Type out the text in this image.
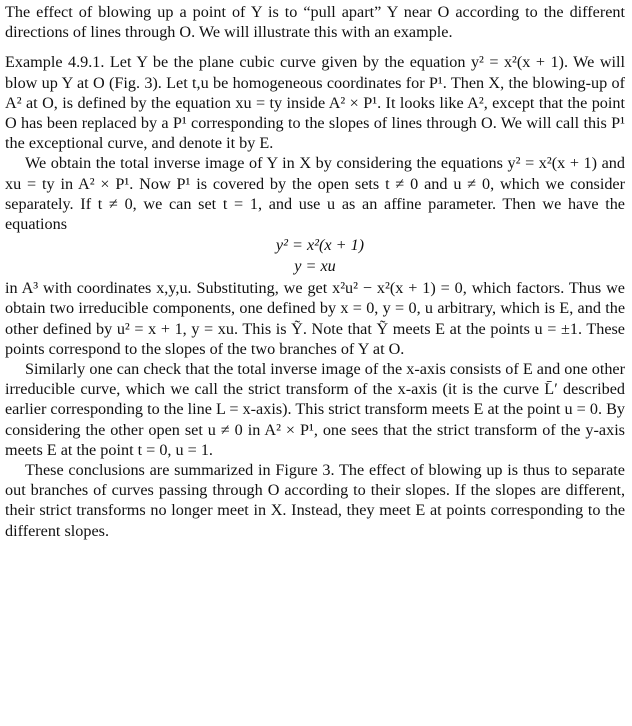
The effect of blowing up a point of Y is to “pull apart” Y near O according to the different directions of lines through O. We will illustrate this with an example.

Example 4.9.1. Let Y be the plane cubic curve given by the equation y² = x²(x + 1). We will blow up Y at O (Fig. 3). Let t,u be homogeneous coordinates for P¹. Then X, the blowing-up of A² at O, is defined by the equation xu = ty inside A² × P¹. It looks like A², except that the point O has been replaced by a P¹ corresponding to the slopes of lines through O. We will call this P¹ the exceptional curve, and denote it by E.

We obtain the total inverse image of Y in X by considering the equations y² = x²(x + 1) and xu = ty in A² × P¹. Now P¹ is covered by the open sets t ≠ 0 and u ≠ 0, which we consider separately. If t ≠ 0, we can set t = 1, and use u as an affine parameter. Then we have the equations

y² = x²(x + 1)
y = xu

in A³ with coordinates x,y,u. Substituting, we get x²u² − x²(x + 1) = 0, which factors. Thus we obtain two irreducible components, one defined by x = 0, y = 0, u arbitrary, which is E, and the other defined by u² = x + 1, y = xu. This is Ỹ. Note that Ỹ meets E at the points u = ±1. These points correspond to the slopes of the two branches of Y at O.

Similarly one can check that the total inverse image of the x-axis consists of E and one other irreducible curve, which we call the strict transform of the x-axis (it is the curve L̄′ described earlier corresponding to the line L = x-axis). This strict transform meets E at the point u = 0. By considering the other open set u ≠ 0 in A² × P¹, one sees that the strict transform of the y-axis meets E at the point t = 0, u = 1.

These conclusions are summarized in Figure 3. The effect of blowing up is thus to separate out branches of curves passing through O according to their slopes. If the slopes are different, their strict transforms no longer meet in X. Instead, they meet E at points corresponding to the different slopes.
